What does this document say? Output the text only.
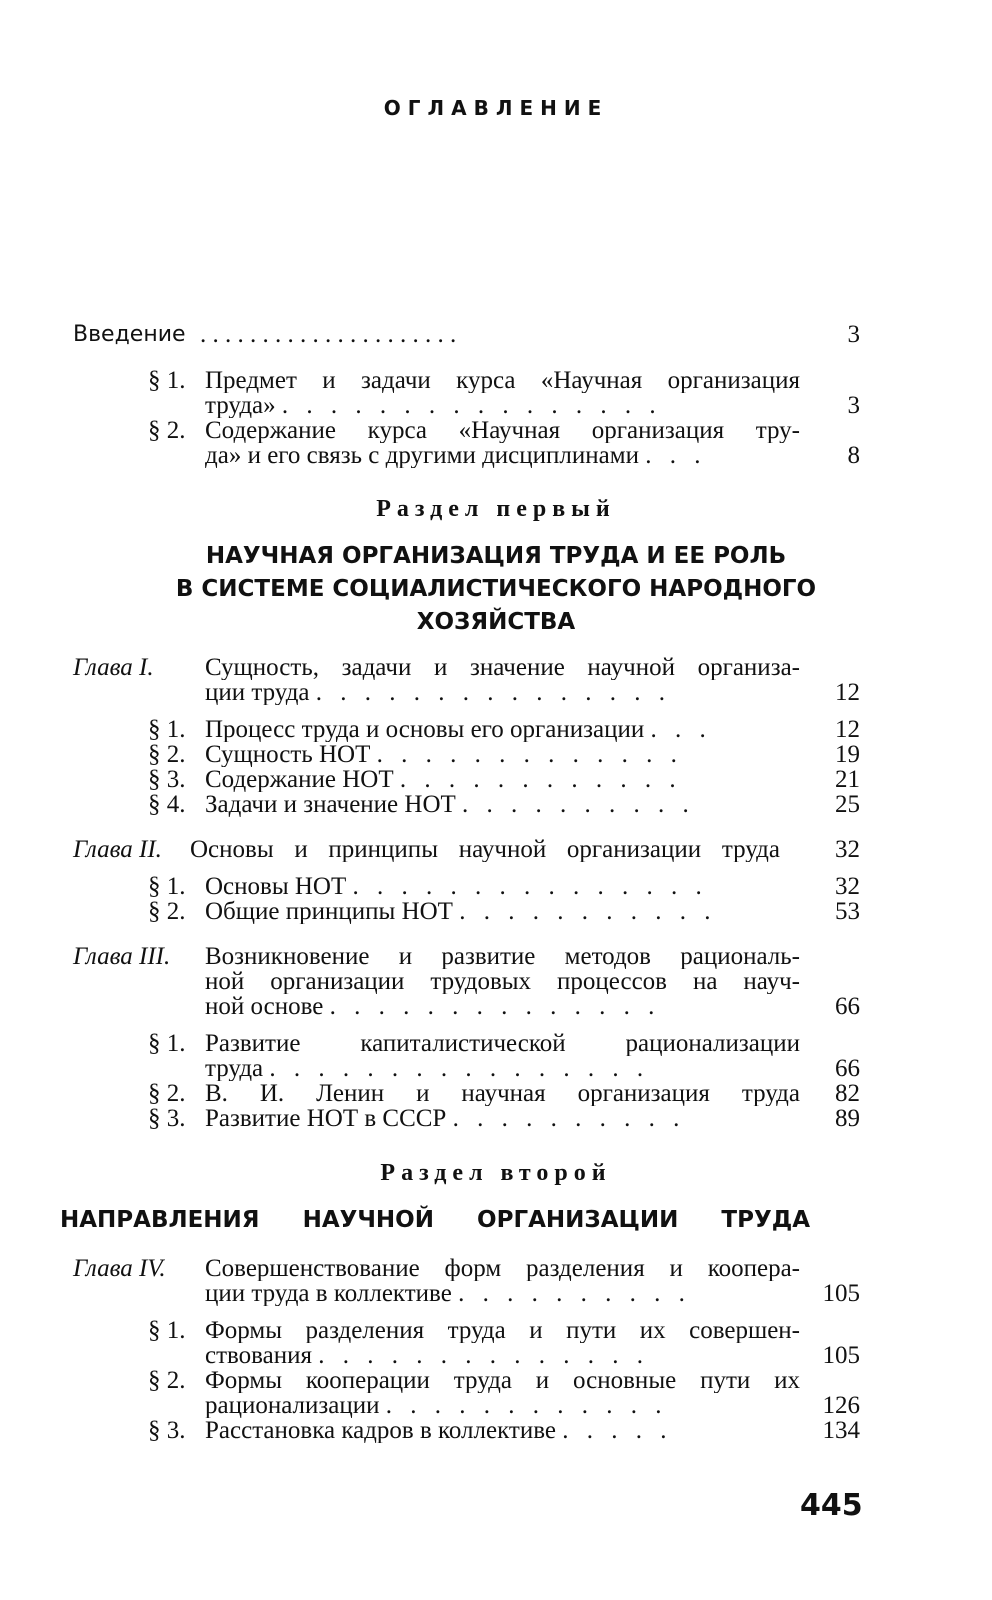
ОГЛАВЛЕНИЕ
Введение . . . . . . . . . . . . . . . . . . . . .	3
§ 1. Предмет и задачи курса «Научная организация
труда» . . . . . . . . . . . . . . . .	3
§ 2. Содержание курса «Научная организация тру-
да» и его связь с другими дисциплинами . . .	8
Раздел первый
НАУЧНАЯ ОРГАНИЗАЦИЯ ТРУДА И ЕЕ РОЛЬ
В СИСТЕМЕ СОЦИАЛИСТИЧЕСКОГО НАРОДНОГО
ХОЗЯЙСТВА
Глава I. Сущность, задачи и значение научной организа-
ции труда . . . . . . . . . . . . . . .	12
§ 1. Процесс труда и основы его организации . . .	12
§ 2. Сущность НОТ . . . . . . . . . . . . .	19
§ 3. Содержание НОТ . . . . . . . . . . . .	21
§ 4. Задачи и значение НОТ . . . . . . . . . .	25
Глава II. Основы и принципы научной организации труда	32
§ 1. Основы НОТ . . . . . . . . . . . . . . .	32
§ 2. Общие принципы НОТ . . . . . . . . . . .	53
Глава III. Возникновение и развитие методов рациональ-
ной организации трудовых процессов на науч-
ной основе . . . . . . . . . . . . . .	66
§ 1. Развитие капиталистической рационализации
труда . . . . . . . . . . . . . . . .	66
§ 2. В. И. Ленин и научная организация труда	82
§ 3. Развитие НОТ в СССР . . . . . . . . . .	89
Раздел второй
НАПРАВЛЕНИЯ НАУЧНОЙ ОРГАНИЗАЦИИ ТРУДА
Глава IV. Совершенствование форм разделения и коопера-
ции труда в коллективе . . . . . . . . . .	105
§ 1. Формы разделения труда и пути их совершен-
ствования . . . . . . . . . . . . . .	105
§ 2. Формы кооперации труда и основные пути их
рационализации . . . . . . . . . . . .	126
§ 3. Расстановка кадров в коллективе . . . . .	134
445
